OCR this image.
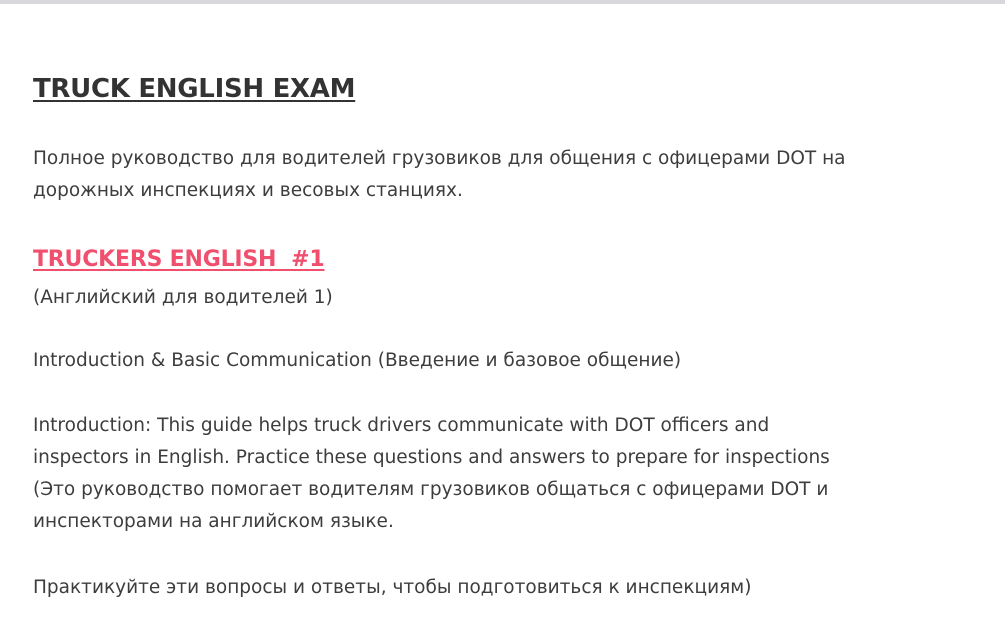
TRUCK ENGLISH EXAM

Полное руководство для водителей грузовиков для общения с офицерами DOT на
дорожных инспекциях и весовых станциях.

TRUCKERS ENGLISH  #1

(Английский для водителей 1)

Introduction & Basic Communication (Введение и базовое общение)

Introduction: This guide helps truck drivers communicate with DOT officers and
inspectors in English. Practice these questions and answers to prepare for inspections
(Это руководство помогает водителям грузовиков общаться с офицерами DOT и
инспекторами на английском языке.

Практикуйте эти вопросы и ответы, чтобы подготовиться к инспекциям)
